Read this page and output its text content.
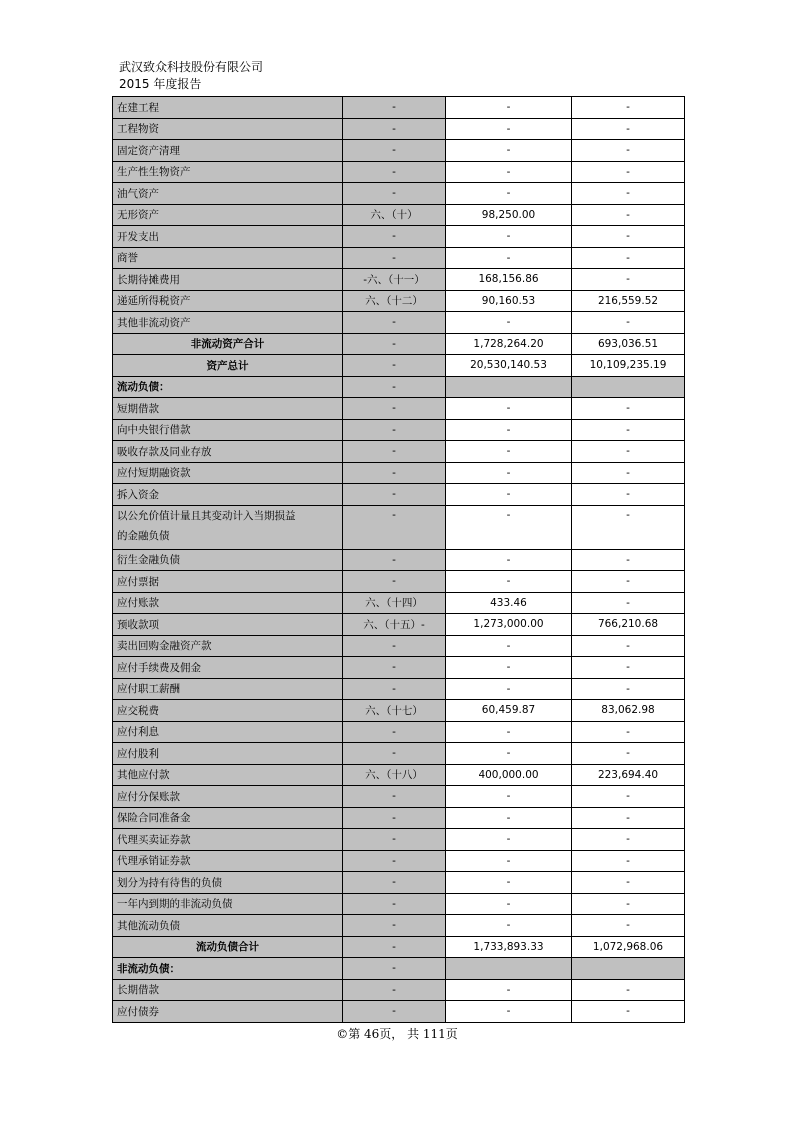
武汉致众科技股份有限公司
2015 年度报告
在建工程	-	-	-
工程物资	-	-	-
固定资产清理	-	-	-
生产性生物资产	-	-	-
油气资产	-	-	-
无形资产	六、（十）	98,250.00	-
开发支出	-	-	-
商誉	-	-	-
长期待摊费用	-六、（十一）	168,156.86	-
递延所得税资产	六、（十二）	90,160.53	216,559.52
其他非流动资产	-	-	-
非流动资产合计	-	1,728,264.20	693,036.51
资产总计	-	20,530,140.53	10,109,235.19
流动负债：	-		
短期借款	-	-	-
向中央银行借款	-	-	-
吸收存款及同业存放	-	-	-
应付短期融资款	-	-	-
拆入资金	-	-	-
以公允价值计量且其变动计入当期损益
的金融负债	-	-	-
衍生金融负债	-	-	-
应付票据	-	-	-
应付账款	六、（十四）	433.46	-
预收款项	六、（十五）-	1,273,000.00	766,210.68
卖出回购金融资产款	-	-	-
应付手续费及佣金	-	-	-
应付职工薪酬	-	-	-
应交税费	六、（十七）	60,459.87	83,062.98
应付利息	-	-	-
应付股利	-	-	-
其他应付款	六、（十八）	400,000.00	223,694.40
应付分保账款	-	-	-
保险合同准备金	-	-	-
代理买卖证券款	-	-	-
代理承销证券款	-	-	-
划分为持有待售的负债	-	-	-
一年内到期的非流动负债	-	-	-
其他流动负债	-	-	-
流动负债合计	-	1,733,893.33	1,072,968.06
非流动负债：	-		
长期借款	-	-	-
应付债券	-	-	-
©第 46页， 共 111页
